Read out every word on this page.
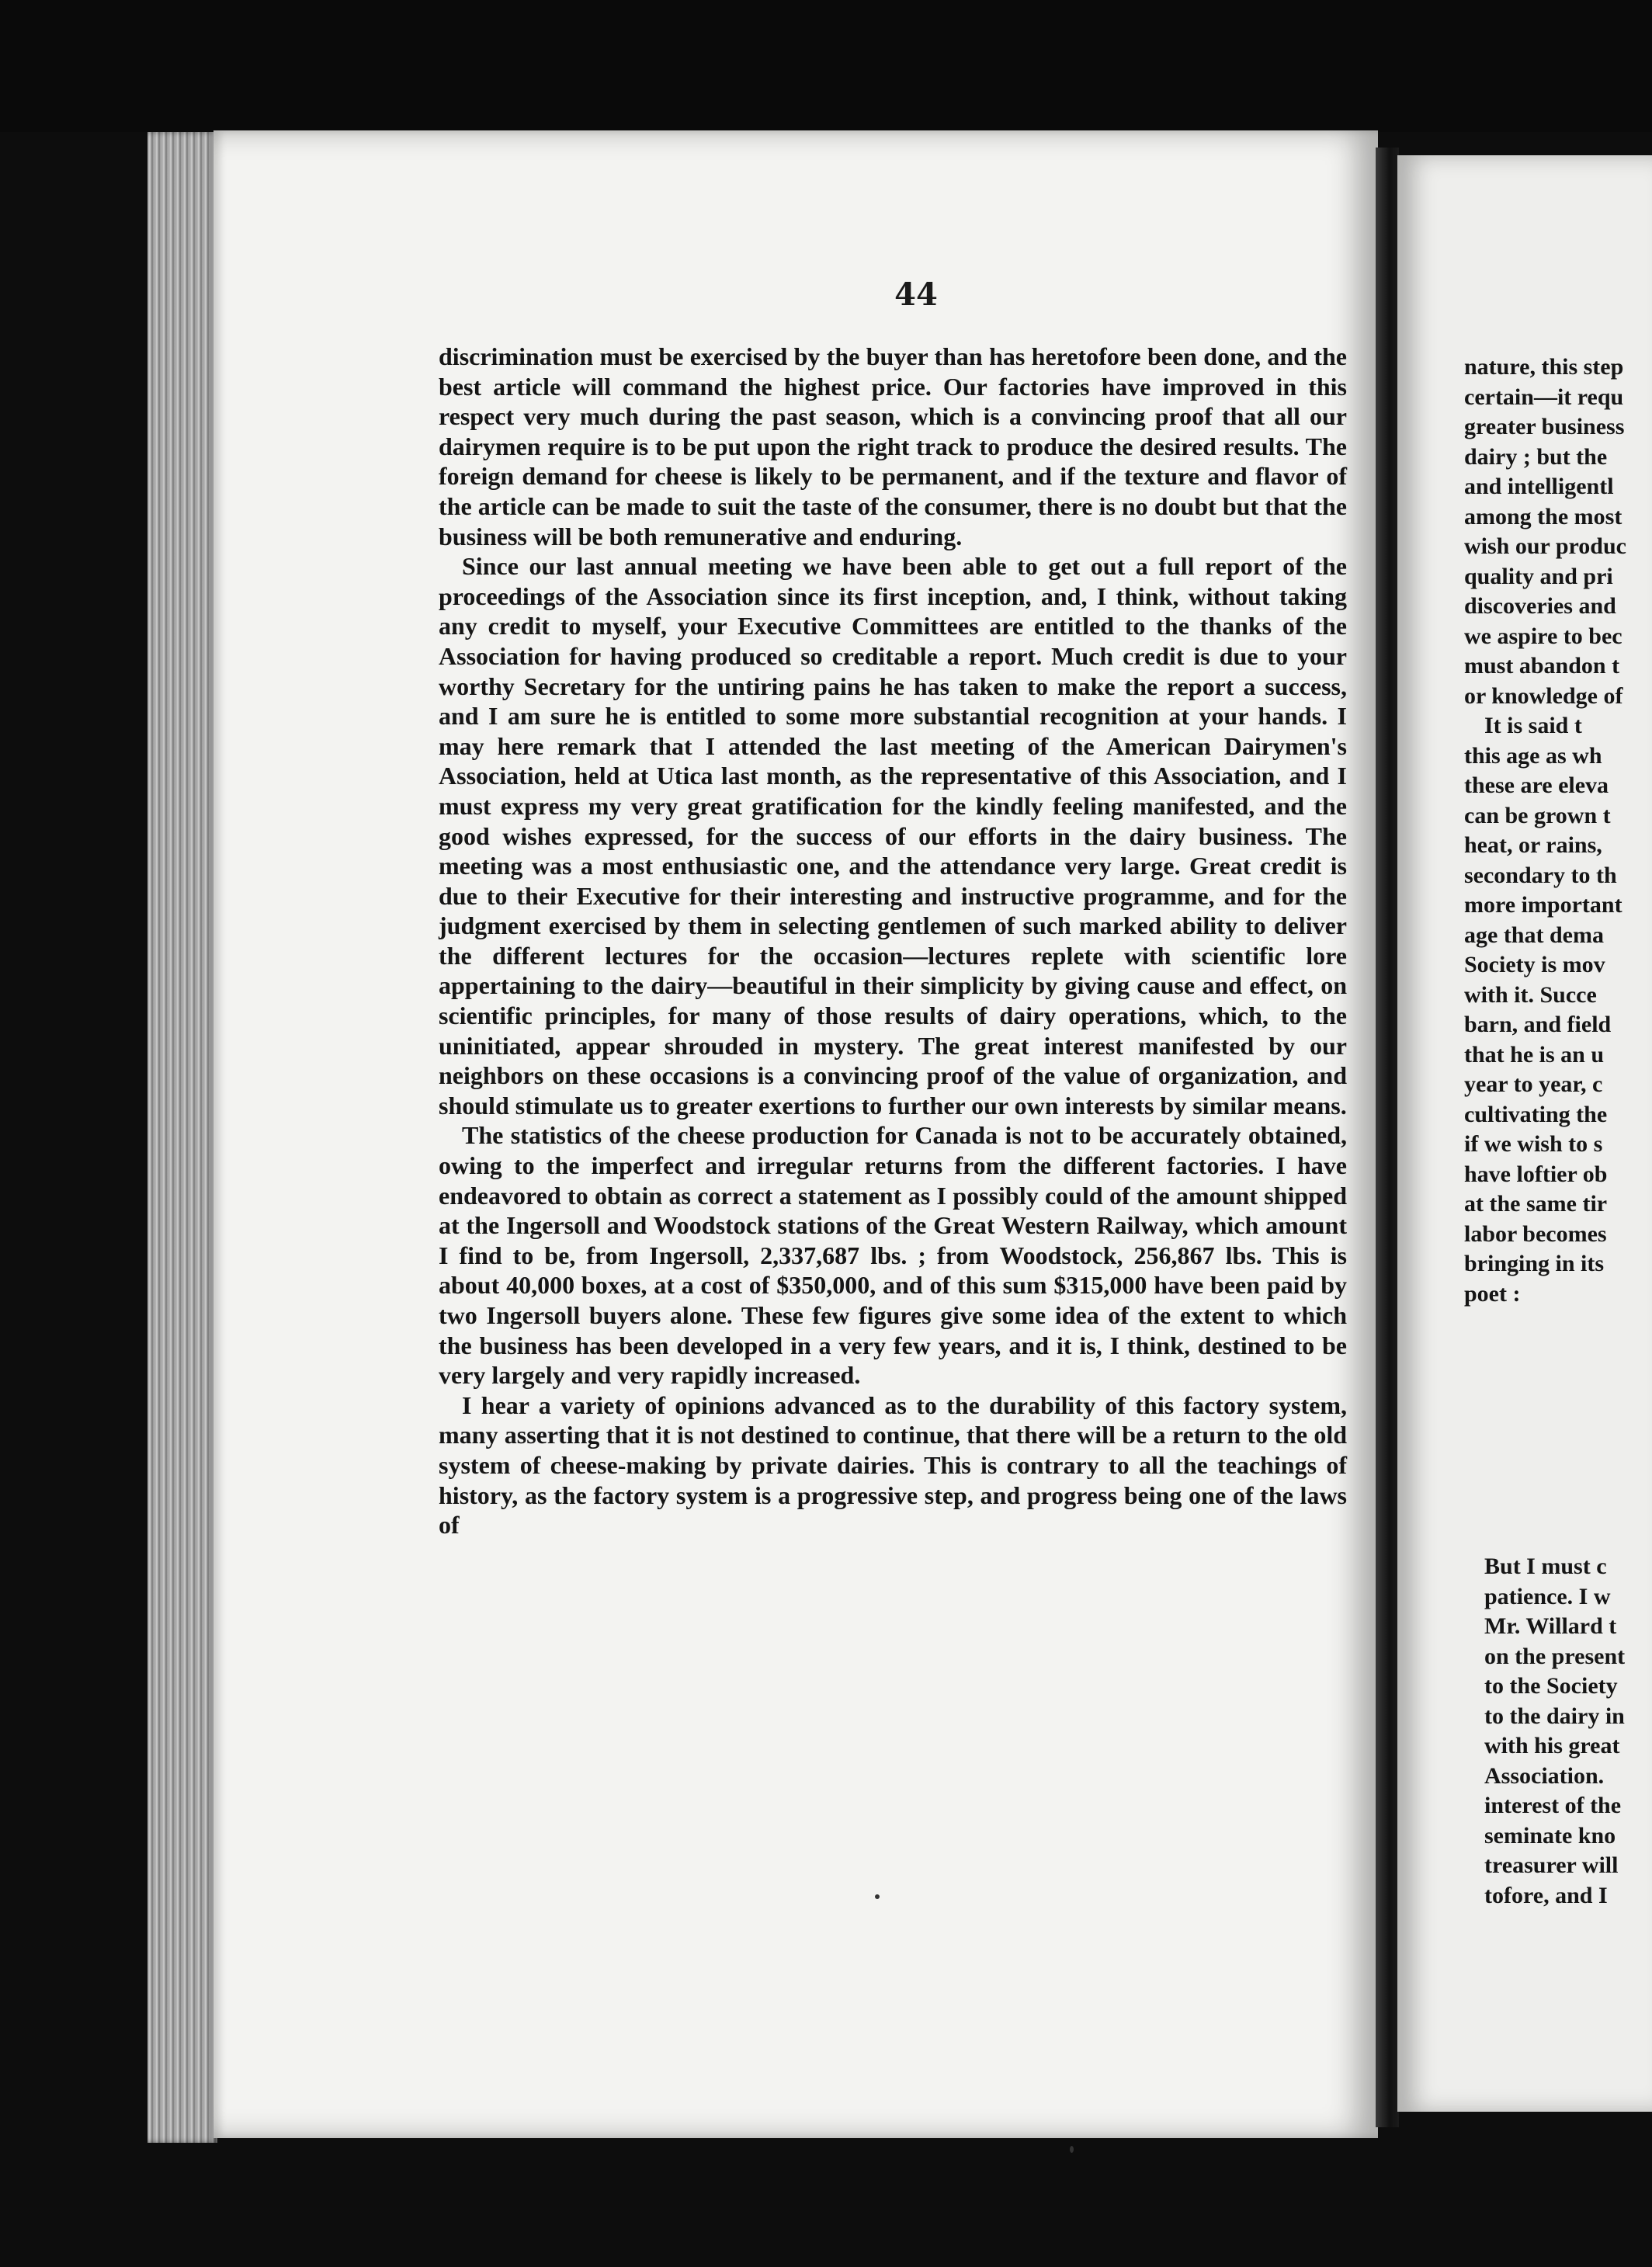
44

discrimination must be exercised by the buyer than has heretofore been done, and the best article will command the highest price. Our factories have improved in this respect very much during the past season, which is a convincing proof that all our dairymen require is to be put upon the right track to produce the desired results. The foreign demand for cheese is likely to be permanent, and if the texture and flavor of the article can be made to suit the taste of the consumer, there is no doubt but that the business will be both remunerative and enduring.

Since our last annual meeting we have been able to get out a full report of the proceedings of the Association since its first inception, and, I think, without taking any credit to myself, your Executive Committees are entitled to the thanks of the Association for having produced so creditable a report. Much credit is due to your worthy Secretary for the untiring pains he has taken to make the report a success, and I am sure he is entitled to some more substantial recognition at your hands. I may here remark that I attended the last meeting of the American Dairymen's Association, held at Utica last month, as the representative of this Association, and I must express my very great gratification for the kindly feeling manifested, and the good wishes expressed, for the success of our efforts in the dairy business. The meeting was a most enthusiastic one, and the attendance very large. Great credit is due to their Executive for their interesting and instructive programme, and for the judgment exercised by them in selecting gentlemen of such marked ability to deliver the different lectures for the occasion—lectures replete with scientific lore appertaining to the dairy—beautiful in their simplicity by giving cause and effect, on scientific principles, for many of those results of dairy operations, which, to the uninitiated, appear shrouded in mystery. The great interest manifested by our neighbors on these occasions is a convincing proof of the value of organization, and should stimulate us to greater exertions to further our own interests by similar means.

The statistics of the cheese production for Canada is not to be accurately obtained, owing to the imperfect and irregular returns from the different factories. I have endeavored to obtain as correct a statement as I possibly could of the amount shipped at the Ingersoll and Woodstock stations of the Great Western Railway, which amount I find to be, from Ingersoll, 2,337,687 lbs. ; from Woodstock, 256,867 lbs. This is about 40,000 boxes, at a cost of $350,000, and of this sum $315,000 have been paid by two Ingersoll buyers alone. These few figures give some idea of the extent to which the business has been developed in a very few years, and it is, I think, destined to be very largely and very rapidly increased.

I hear a variety of opinions advanced as to the durability of this factory system, many asserting that it is not destined to continue, that there will be a return to the old system of cheese-making by private dairies. This is contrary to all the teachings of history, as the factory system is a progressive step, and progress being one of the laws of

nature, this step
certain—it requ
greater business
dairy ; but the
and intelligentl
among the most
wish our produc
quality and pri
discoveries and
we aspire to bec
must abandon t
or knowledge of
It is said t
this age as wh
these are eleva
can be grown t
heat, or rains,
secondary to th
more important
age that dema
Society is mov
with it. Succe
barn, and field
that he is an u
year to year, c
cultivating the
if we wish to s
have loftier ob
at the same tir
labor becomes
bringing in its
poet :
But I must c
patience. I w
Mr. Willard t
on the present
to the Society
to the dairy in
with his great
Association.
interest of the
seminate kno
treasurer will
tofore, and I
